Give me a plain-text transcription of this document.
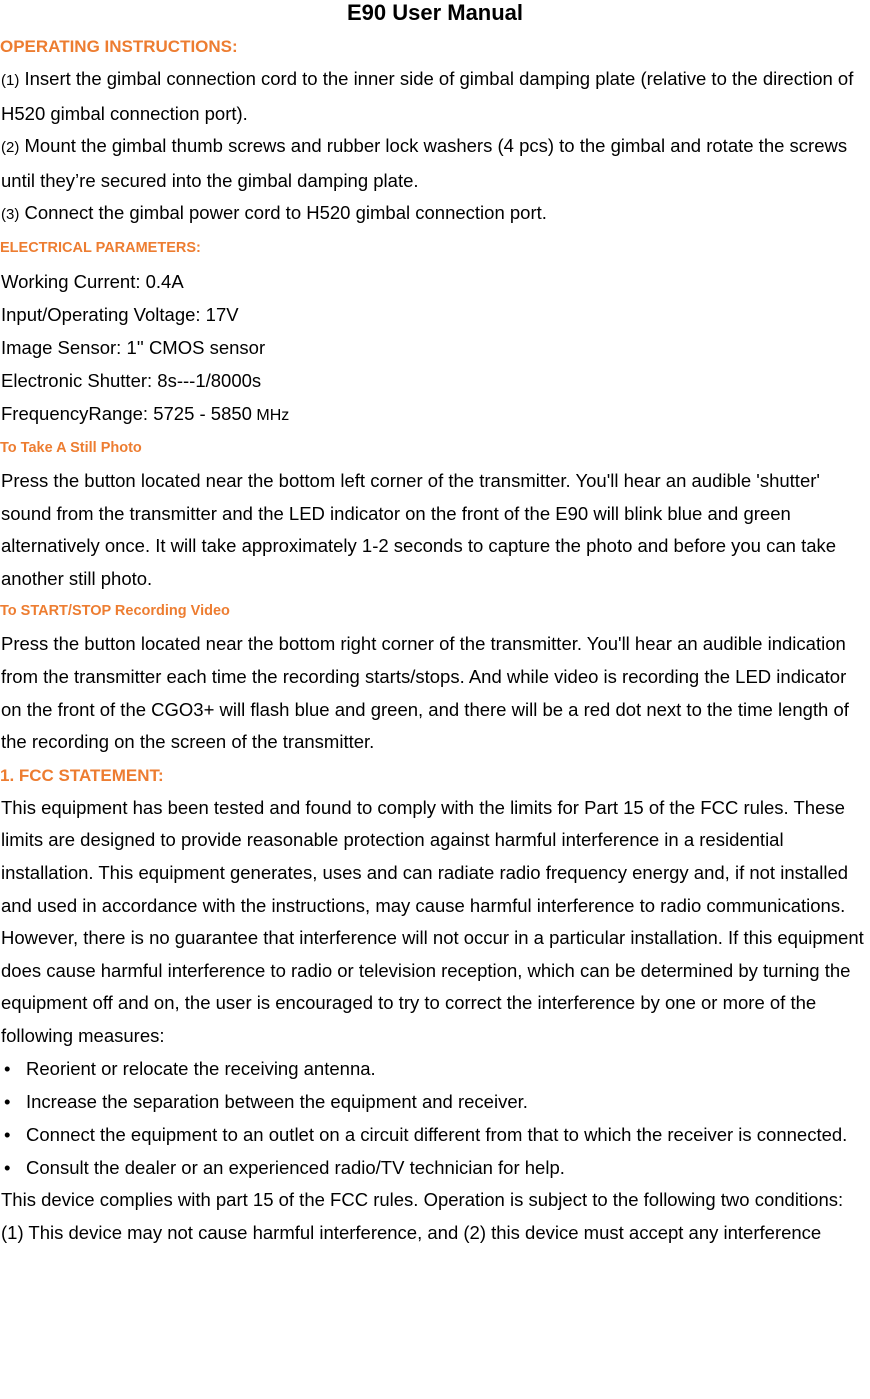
E90 User Manual

OPERATING INSTRUCTIONS:

(1) Insert the gimbal connection cord to the inner side of gimbal damping plate (relative to the direction of H520 gimbal connection port).

(2) Mount the gimbal thumb screws and rubber lock washers (4 pcs) to the gimbal and rotate the screws until they’re secured into the gimbal damping plate.

(3) Connect the gimbal power cord to H520 gimbal connection port.

ELECTRICAL PARAMETERS:

Working Current: 0.4A

Input/Operating Voltage: 17V

Image Sensor: 1'' CMOS sensor

Electronic Shutter: 8s---1/8000s

FrequencyRange: 5725 - 5850 MHz

To Take A Still Photo

Press the button located near the bottom left corner of the transmitter. You'll hear an audible 'shutter' sound from the transmitter and the LED indicator on the front of the E90 will blink blue and green alternatively once. It will take approximately 1-2 seconds to capture the photo and before you can take another still photo.

To START/STOP Recording Video

Press the button located near the bottom right corner of the transmitter. You'll hear an audible indication from the transmitter each time the recording starts/stops. And while video is recording the LED indicator on the front of the CGO3+ will flash blue and green, and there will be a red dot next to the time length of the recording on the screen of the transmitter.

1. FCC STATEMENT:

This equipment has been tested and found to comply with the limits for Part 15 of the FCC rules. These limits are designed to provide reasonable protection against harmful interference in a residential installation. This equipment generates, uses and can radiate radio frequency energy and, if not installed and used in accordance with the instructions, may cause harmful interference to radio communications. However, there is no guarantee that interference will not occur in a particular installation. If this equipment does cause harmful interference to radio or television reception, which can be determined by turning the equipment off and on, the user is encouraged to try to correct the interference by one or more of the following measures:

• Reorient or relocate the receiving antenna.

• Increase the separation between the equipment and receiver.

• Connect the equipment to an outlet on a circuit different from that to which the receiver is connected.

• Consult the dealer or an experienced radio/TV technician for help.

This device complies with part 15 of the FCC rules. Operation is subject to the following two conditions:

(1) This device may not cause harmful interference, and (2) this device must accept any interference
